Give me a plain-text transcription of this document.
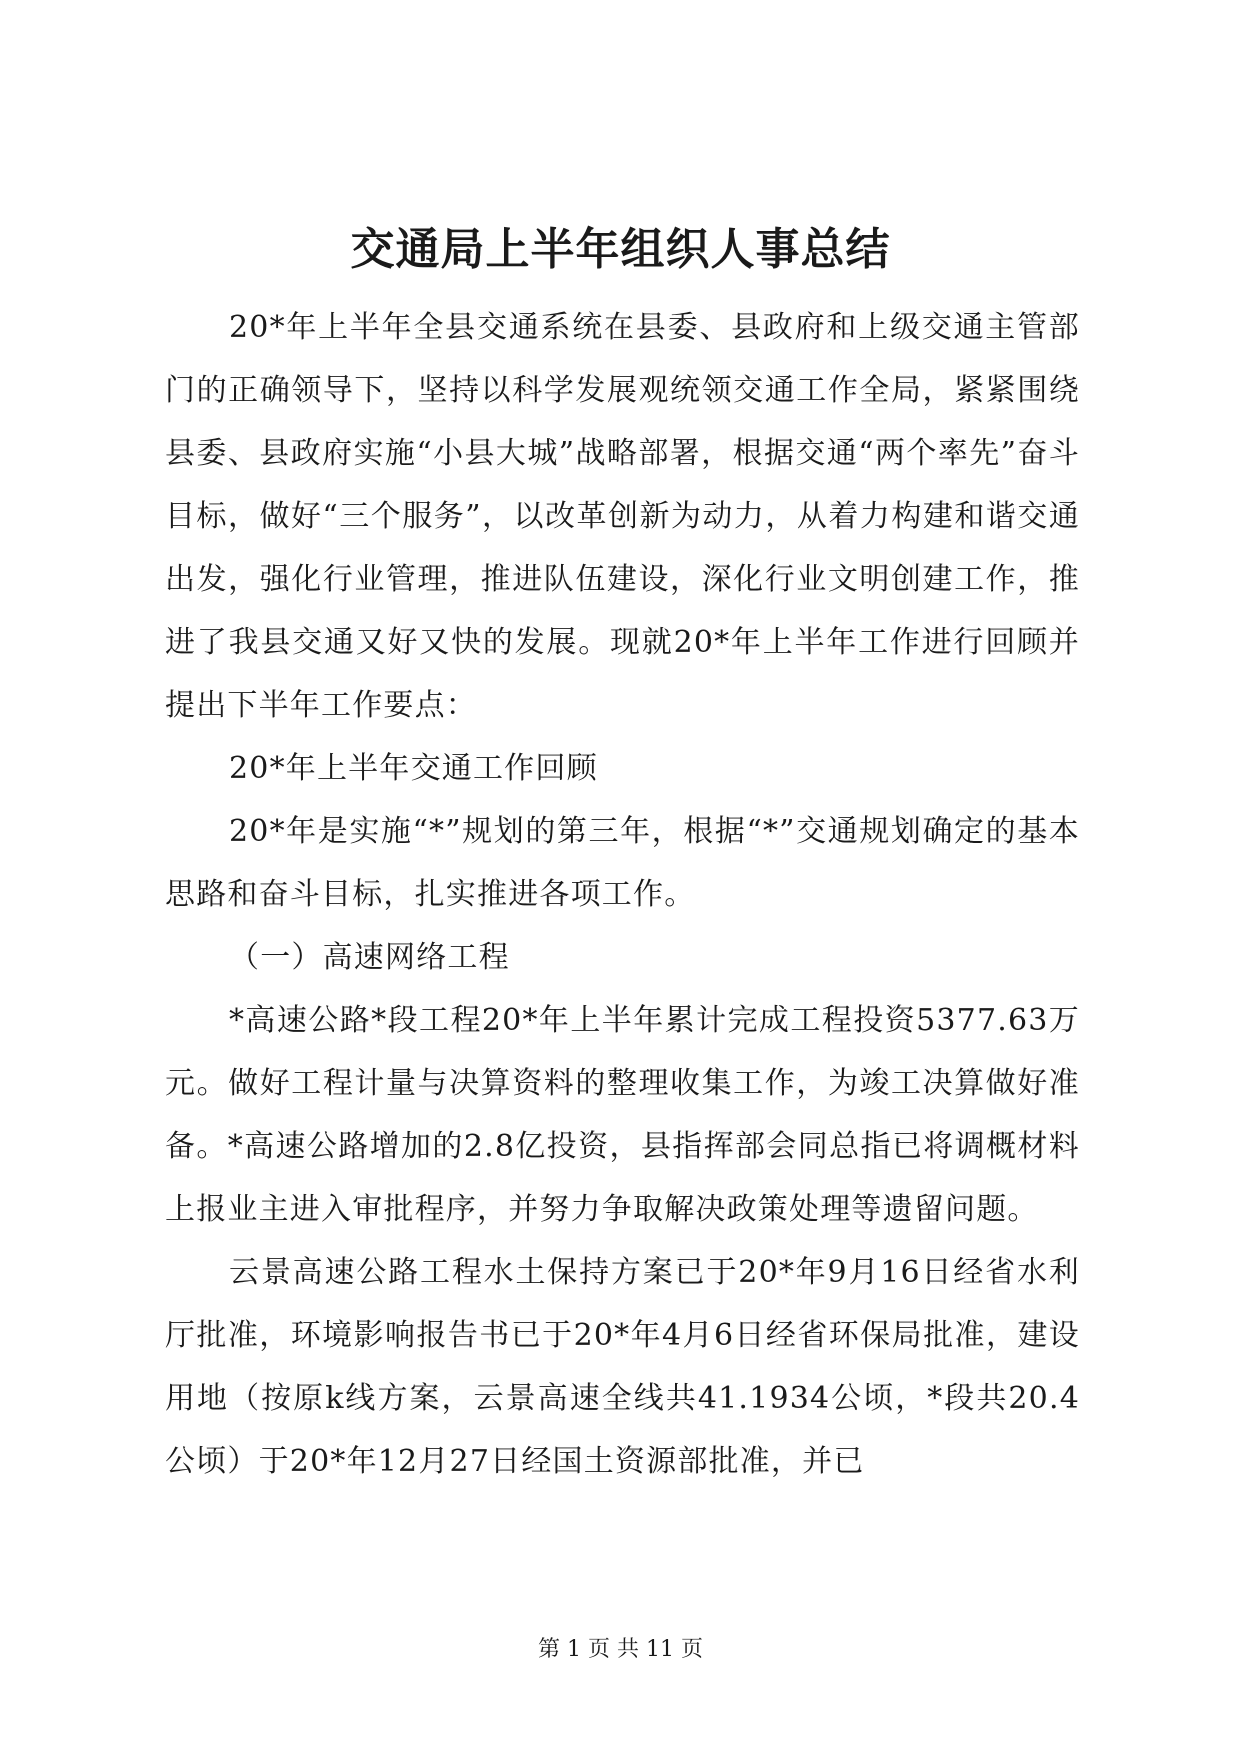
交通局上半年组织人事总结

20*年上半年全县交通系统在县委、县政府和上级交通主管部门的正确领导下，坚持以科学发展观统领交通工作全局，紧紧围绕县委、县政府实施“小县大城”战略部署，根据交通“两个率先”奋斗目标，做好“三个服务”，以改革创新为动力，从着力构建和谐交通出发，强化行业管理，推进队伍建设，深化行业文明创建工作，推进了我县交通又好又快的发展。现就20*年上半年工作进行回顾并提出下半年工作要点：

20*年上半年交通工作回顾

20*年是实施“*”规划的第三年，根据“*”交通规划确定的基本思路和奋斗目标，扎实推进各项工作。

（一）高速网络工程

*高速公路*段工程20*年上半年累计完成工程投资5377.63万元。做好工程计量与决算资料的整理收集工作，为竣工决算做好准备。*高速公路增加的2.8亿投资，县指挥部会同总指已将调概材料上报业主进入审批程序，并努力争取解决政策处理等遗留问题。

云景高速公路工程水土保持方案已于20*年9月16日经省水利厅批准，环境影响报告书已于20*年4月6日经省环保局批准，建设用地（按原k线方案，云景高速全线共41.1934公顷，*段共20.4公顷）于20*年12月27日经国土资源部批准，并已

第 1 页 共 11 页
